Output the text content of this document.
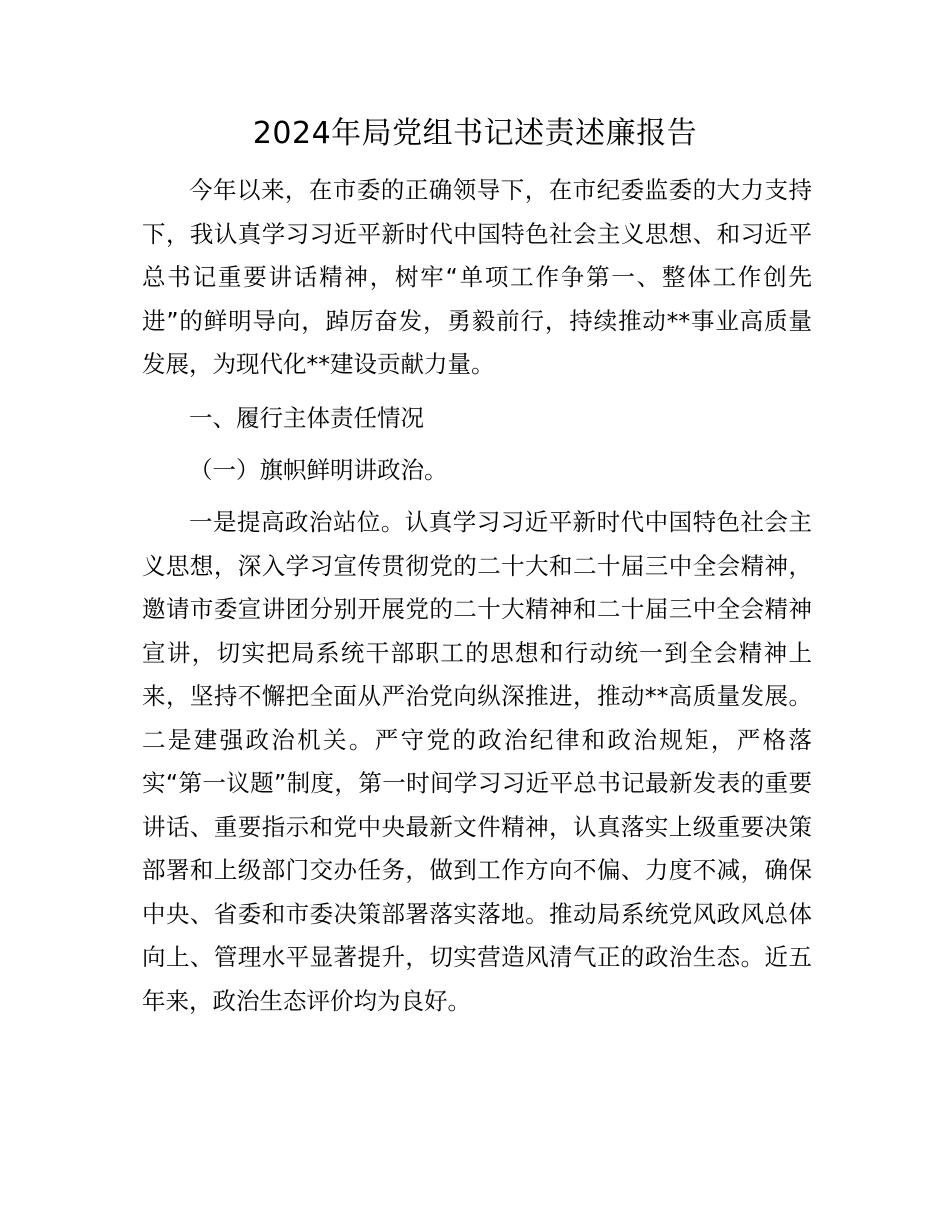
2024年局党组书记述责述廉报告

今年以来，在市委的正确领导下，在市纪委监委的大力支持下，我认真学习习近平新时代中国特色社会主义思想、和习近平总书记重要讲话精神，树牢“单项工作争第一、整体工作创先进”的鲜明导向，踔厉奋发，勇毅前行，持续推动**事业高质量发展，为现代化**建设贡献力量。

一、履行主体责任情况

（一）旗帜鲜明讲政治。

一是提高政治站位。认真学习习近平新时代中国特色社会主义思想，深入学习宣传贯彻党的二十大和二十届三中全会精神，邀请市委宣讲团分别开展党的二十大精神和二十届三中全会精神宣讲，切实把局系统干部职工的思想和行动统一到全会精神上来，坚持不懈把全面从严治党向纵深推进，推动**高质量发展。二是建强政治机关。严守党的政治纪律和政治规矩，严格落实“第一议题”制度，第一时间学习习近平总书记最新发表的重要讲话、重要指示和党中央最新文件精神，认真落实上级重要决策部署和上级部门交办任务，做到工作方向不偏、力度不减，确保中央、省委和市委决策部署落实落地。推动局系统党风政风总体向上、管理水平显著提升，切实营造风清气正的政治生态。近五年来，政治生态评价均为良好。
